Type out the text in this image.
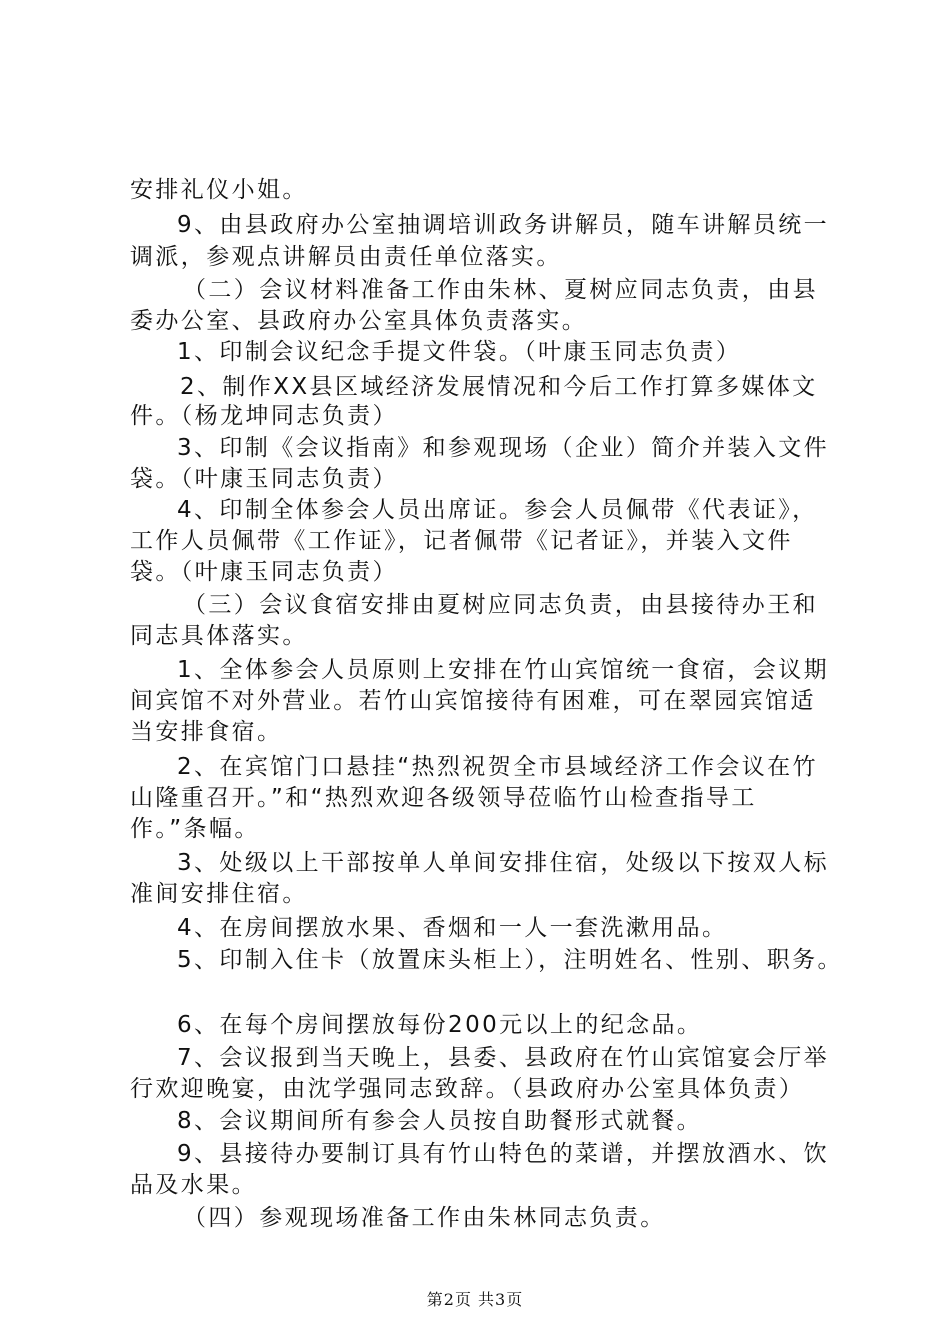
安排礼仪小姐。
9、由县政府办公室抽调培训政务讲解员，随车讲解员统一
调派，参观点讲解员由责任单位落实。
（二）会议材料准备工作由朱林、夏树应同志负责，由县
委办公室、县政府办公室具体负责落实。
1、印制会议纪念手提文件袋。（叶康玉同志负责）
2、制作XX县区域经济发展情况和今后工作打算多媒体文
件。（杨龙坤同志负责）
3、印制《会议指南》和参观现场（企业）简介并装入文件
袋。（叶康玉同志负责）
4、印制全体参会人员出席证。参会人员佩带《代表证》，
工作人员佩带《工作证》，记者佩带《记者证》，并装入文件
袋。（叶康玉同志负责）
（三）会议食宿安排由夏树应同志负责，由县接待办王和
同志具体落实。
1、全体参会人员原则上安排在竹山宾馆统一食宿，会议期
间宾馆不对外营业。若竹山宾馆接待有困难，可在翠园宾馆适
当安排食宿。
2、在宾馆门口悬挂“热烈祝贺全市县域经济工作会议在竹
山隆重召开。”和“热烈欢迎各级领导莅临竹山检查指导工
作。”条幅。
3、处级以上干部按单人单间安排住宿，处级以下按双人标
准间安排住宿。
4、在房间摆放水果、香烟和一人一套洗漱用品。
5、印制入住卡（放置床头柜上），注明姓名、性别、职务。
6、在每个房间摆放每份200元以上的纪念品。
7、会议报到当天晚上，县委、县政府在竹山宾馆宴会厅举
行欢迎晚宴，由沈学强同志致辞。（县政府办公室具体负责）
8、会议期间所有参会人员按自助餐形式就餐。
9、县接待办要制订具有竹山特色的菜谱，并摆放酒水、饮
品及水果。
（四）参观现场准备工作由朱林同志负责。
第2页 共3页
